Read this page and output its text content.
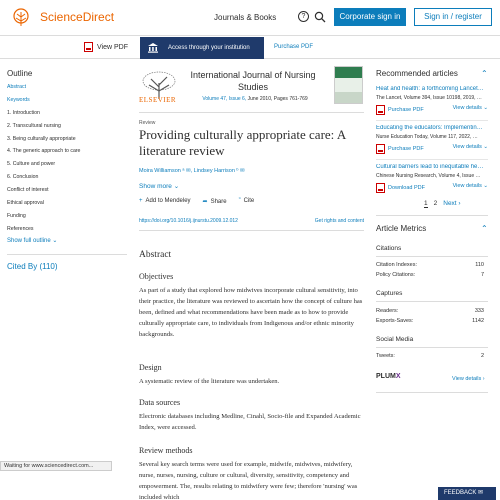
ScienceDirect	Journals & Books	?	Corporate sign in	Sign in / register
View PDF	Access through your institution	Purchase PDF
Outline
Abstract
Keywords
1. Introduction
2. Transcultural nursing
3. Being culturally appropriate
4. The generic approach to care
5. Culture and power
6. Conclusion
Conflict of interest
Ethical approval
Funding
References
Show full outline ⌄
Cited By (110)
ELSEVIER
International Journal of Nursing Studies
Volume 47, Issue 6, June 2010, Pages 761-769
Review
Providing culturally appropriate care: A literature review
Moira Williamson ᵃ ✉, Lindsey Harrison ᵇ ✉
Show more ⌄
+ Add to Mendeley ➦ Share ” Cite
https://doi.org/10.1016/j.ijnurstu.2009.12.012	Get rights and content
Abstract
Objectives
As part of a study that explored how midwives incorporate cultural sensitivity, into their practice, the literature was reviewed to ascertain how the concept of culture has been, defined and what recommendations have been made as to how to provide culturally appropriate care, to individuals from Indigenous and/or ethnic minority backgrounds.
Design
A systematic review of the literature was undertaken.
Data sources
Electronic databases including Medline, Cinahl, Socio-file and Expanded Academic Index, were accessed.
Review methods
Several key search terms were used for example, midwife, midwives, midwifery, nurse, nurses, nursing, culture or cultural, diversity, sensitivity, competency and empowerment. The, results relating to midwifery were few; therefore 'nursing' was included which
Recommended articles	⌃
Heat and health: a forthcoming Lancet…
The Lancet, Volume 394, Issue 10198, 2019, …
Purchase PDF	View details ⌄
Educating the educators: Implementin…
Nurse Education Today, Volume 117, 2022, …
Purchase PDF	View details ⌄
Cultural barriers lead to inequitable he…
Chinese Nursing Research, Volume 4, Issue …
Download PDF	View details ⌄
1 2 Next ›
Article Metrics	⌃
Citations
Citation Indexes:	110
Policy Citations:	7
Captures
Readers:	333
Exports-Saves:	1142
Social Media
Tweets:	2
PLUMX	View details ›
Waiting for www.sciencedirect.com...
FEEDBACK ✉
